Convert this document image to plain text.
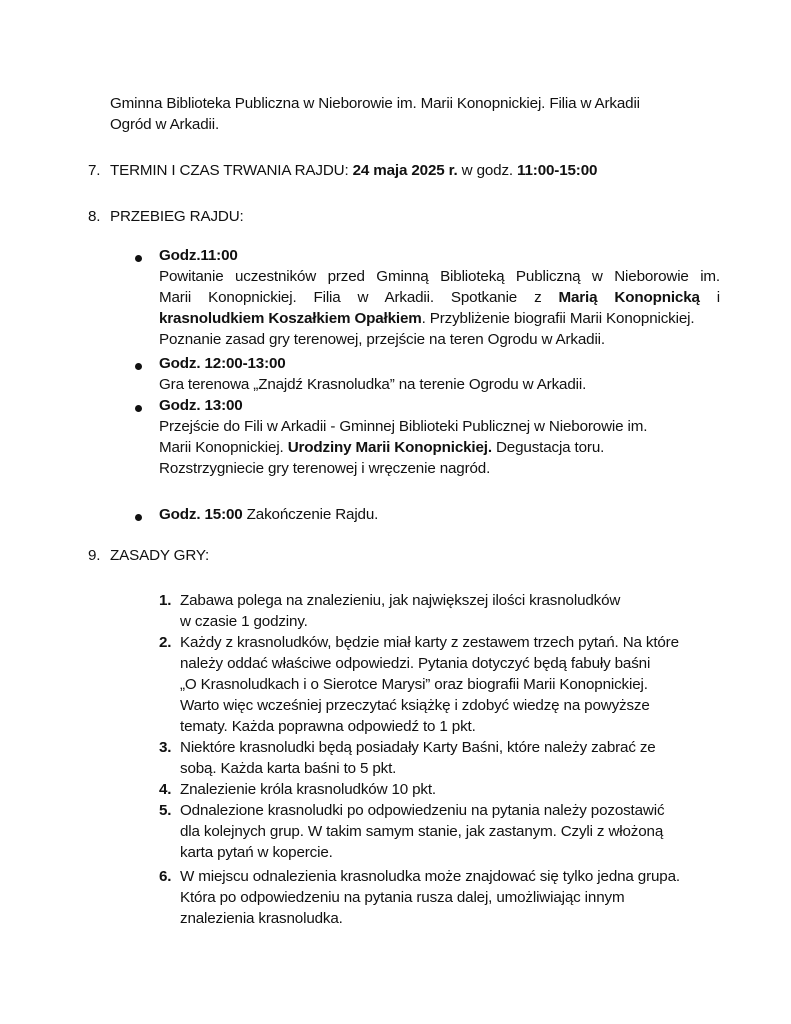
Gminna Biblioteka Publiczna w Nieborowie im. Marii Konopnickiej. Filia w Arkadii
Ogród w Arkadii.
7. TERMIN I CZAS TRWANIA RAJDU: 24 maja 2025 r. w godz. 11:00-15:00
8. PRZEBIEG RAJDU:
Godz.11:00
Powitanie uczestników przed Gminną Biblioteką Publiczną w Nieborowie im.
Marii Konopnickiej. Filia w Arkadii. Spotkanie z Marią Konopnicką i
krasnoludkiem Koszałkiem Opałkiem. Przybliżenie biografii Marii Konopnickiej.
Poznanie zasad gry terenowej, przejście na teren Ogrodu w Arkadii.
Godz. 12:00-13:00
Gra terenowa „Znajdź Krasnoludka” na terenie Ogrodu w Arkadii.
Godz. 13:00
Przejście do Fili w Arkadii - Gminnej Biblioteki Publicznej w Nieborowie im.
Marii Konopnickiej. Urodziny Marii Konopnickiej. Degustacja toru.
Rozstrzygniecie gry terenowej i wręczenie nagród.
Godz. 15:00 Zakończenie Rajdu.
9. ZASADY GRY:
1. Zabawa polega na znalezieniu, jak największej ilości krasnoludków
w czasie 1 godziny.
2. Każdy z krasnoludków, będzie miał karty z zestawem trzech pytań. Na które
należy oddać właściwe odpowiedzi. Pytania dotyczyć będą fabuły baśni
„O Krasnoludkach i o Sierotce Marysi” oraz biografii Marii Konopnickiej.
Warto więc wcześniej przeczytać książkę i zdobyć wiedzę na powyższe
tematy. Każda poprawna odpowiedź to 1 pkt.
3. Niektóre krasnoludki będą posiadały Karty Baśni, które należy zabrać ze
sobą. Każda karta baśni to 5 pkt.
4. Znalezienie króla krasnoludków 10 pkt.
5. Odnalezione krasnoludki po odpowiedzeniu na pytania należy pozostawić
dla kolejnych grup. W takim samym stanie, jak zastanym. Czyli z włożoną
karta pytań w kopercie.
6. W miejscu odnalezienia krasnoludka może znajdować się tylko jedna grupa.
Która po odpowiedzeniu na pytania rusza dalej, umożliwiając innym
znalezienia krasnoludka.
